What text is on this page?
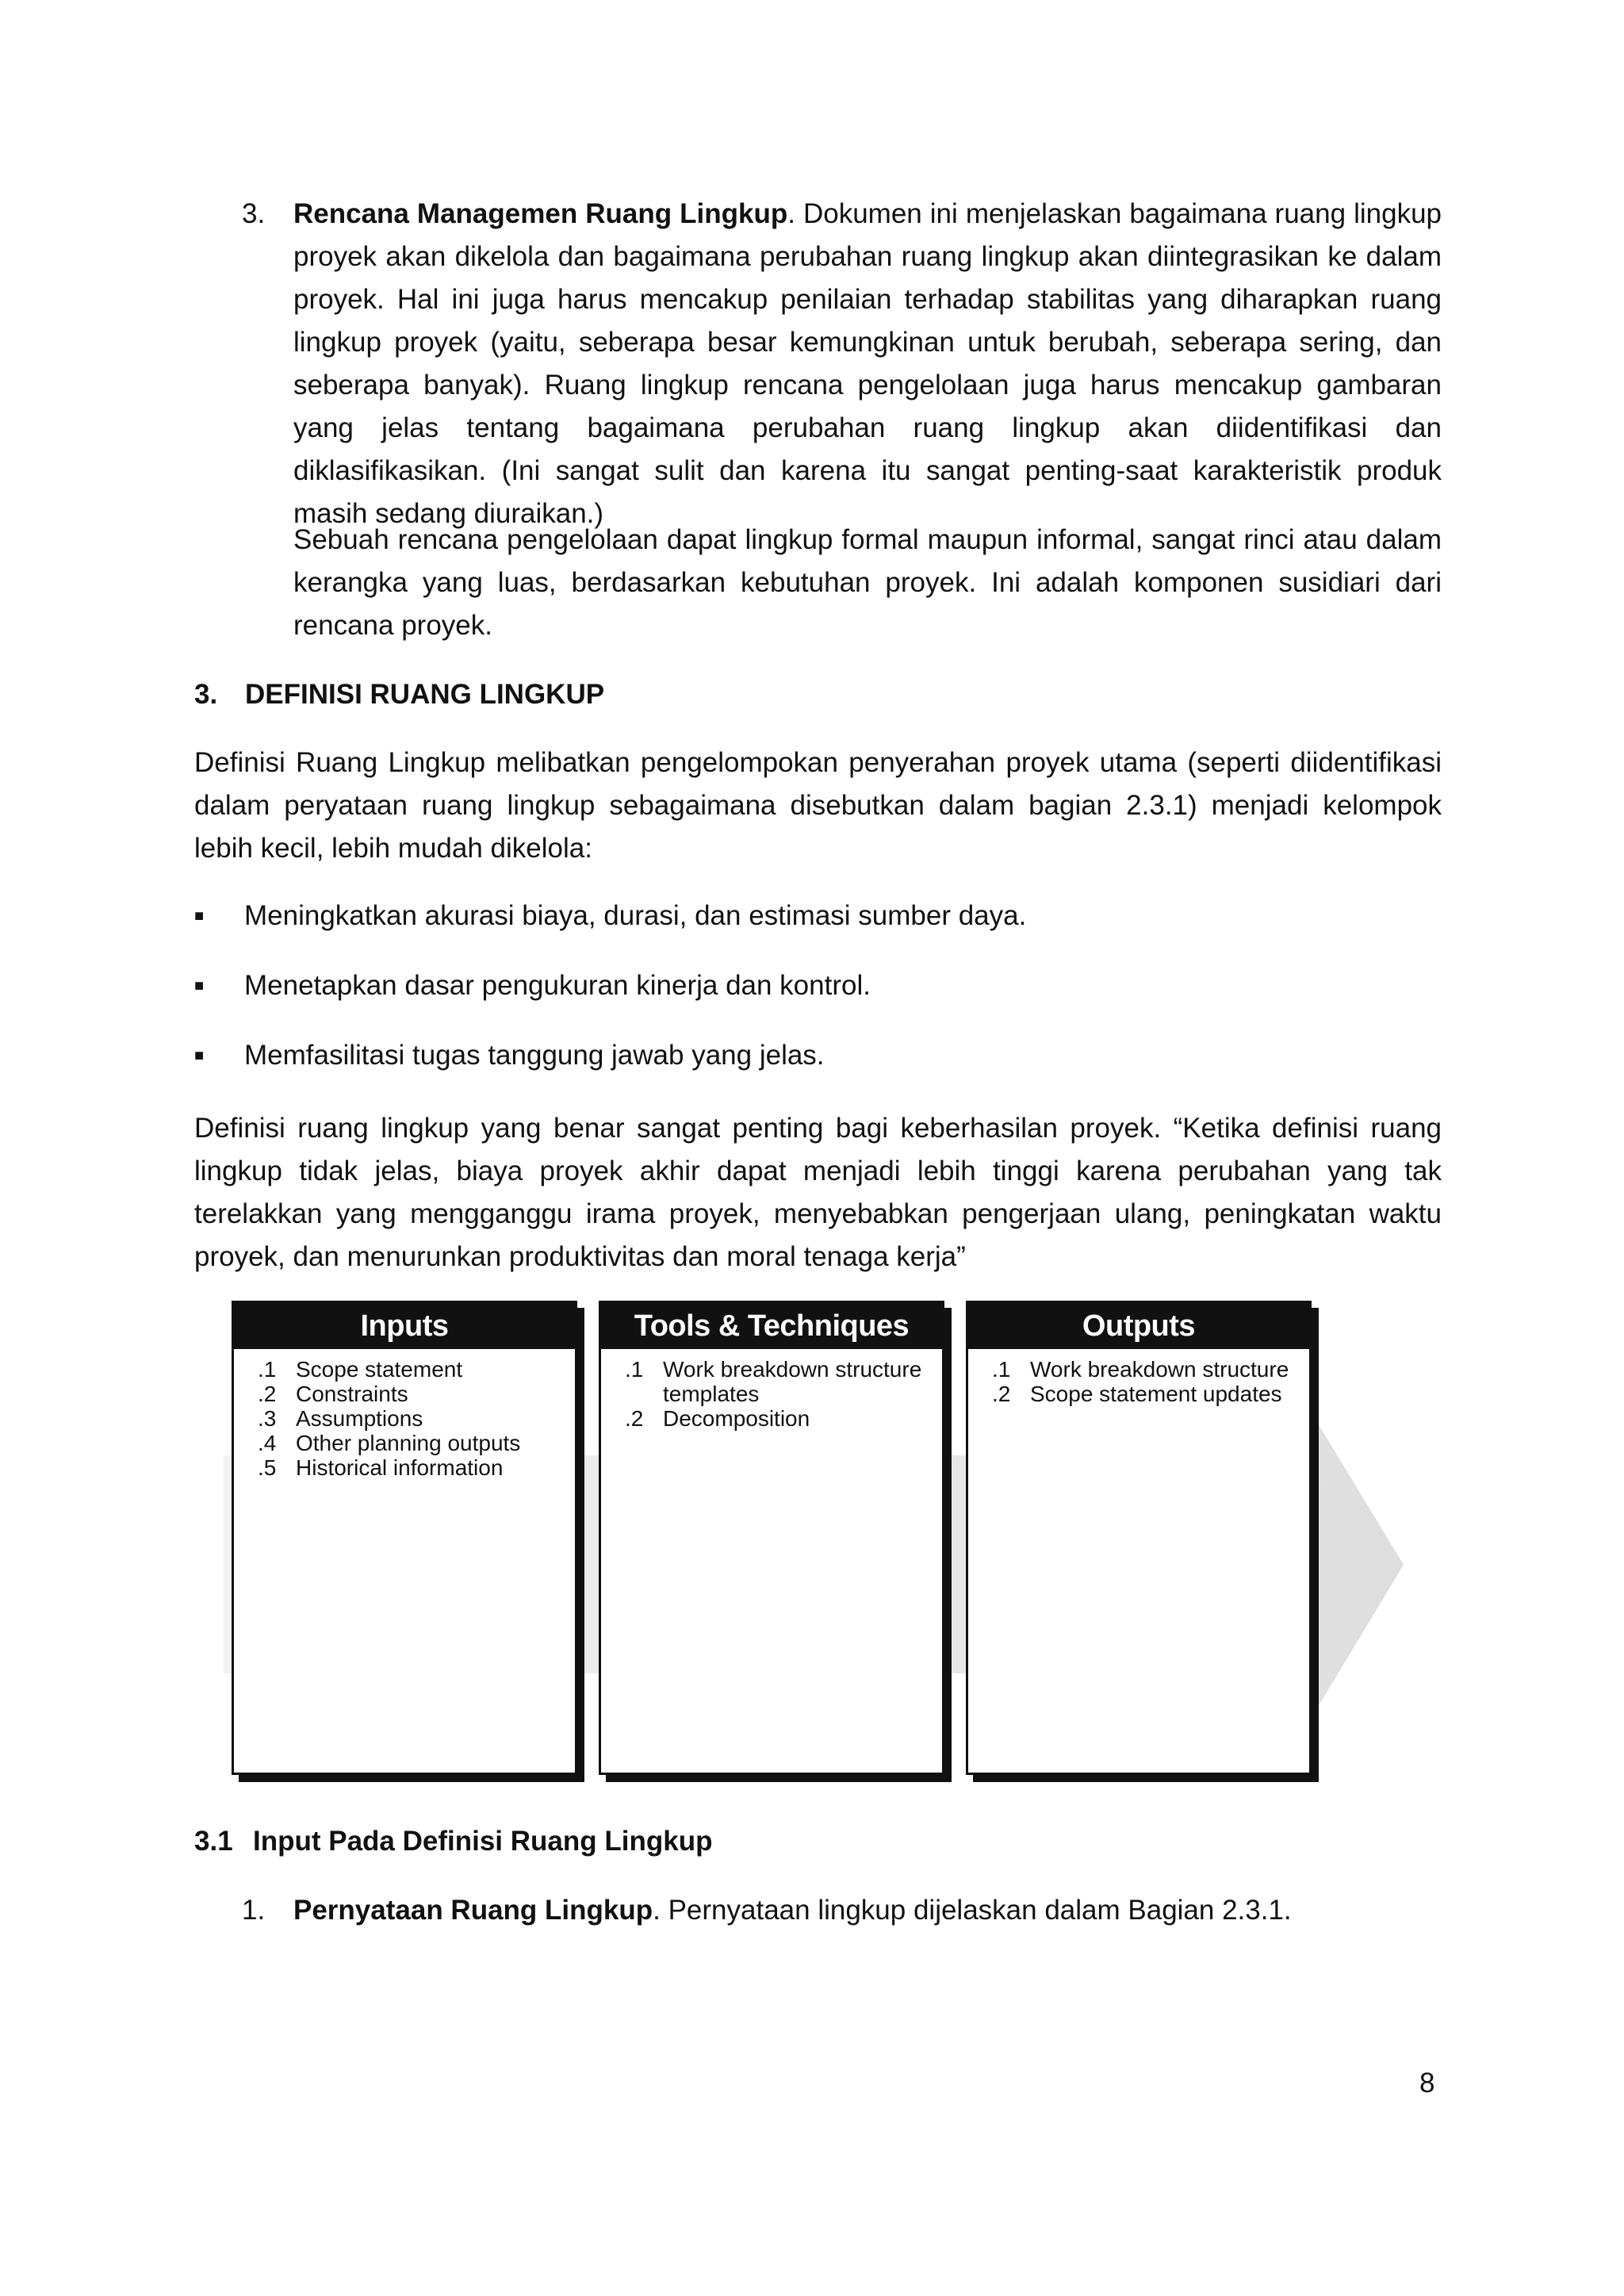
3. Rencana Managemen Ruang Lingkup. Dokumen ini menjelaskan bagaimana ruang lingkup proyek akan dikelola dan bagaimana perubahan ruang lingkup akan diintegrasikan ke dalam proyek. Hal ini juga harus mencakup penilaian terhadap stabilitas yang diharapkan ruang lingkup proyek (yaitu, seberapa besar kemungkinan untuk berubah, seberapa sering, dan seberapa banyak). Ruang lingkup rencana pengelolaan juga harus mencakup gambaran yang jelas tentang bagaimana perubahan ruang lingkup akan diidentifikasi dan diklasifikasikan. (Ini sangat sulit dan karena itu sangat penting-saat karakteristik produk masih sedang diuraikan.)
Sebuah rencana pengelolaan dapat lingkup formal maupun informal, sangat rinci atau dalam kerangka yang luas, berdasarkan kebutuhan proyek. Ini adalah komponen susidiari dari rencana proyek.
3. DEFINISI RUANG LINGKUP
Definisi Ruang Lingkup melibatkan pengelompokan penyerahan proyek utama (seperti diidentifikasi dalam peryataan ruang lingkup sebagaimana disebutkan dalam bagian 2.3.1) menjadi kelompok lebih kecil, lebih mudah dikelola:
■ Meningkatkan akurasi biaya, durasi, dan estimasi sumber daya.
■ Menetapkan dasar pengukuran kinerja dan kontrol.
■ Memfasilitasi tugas tanggung jawab yang jelas.
Definisi ruang lingkup yang benar sangat penting bagi keberhasilan proyek. “Ketika definisi ruang lingkup tidak jelas, biaya proyek akhir dapat menjadi lebih tinggi karena perubahan yang tak terelakkan yang mengganggu irama proyek, menyebabkan pengerjaan ulang, peningkatan waktu proyek, dan menurunkan produktivitas dan moral tenaga kerja”
Inputs
.1 Scope statement
.2 Constraints
.3 Assumptions
.4 Other planning outputs
.5 Historical information
Tools & Techniques
.1 Work breakdown structure templates
.2 Decomposition
Outputs
.1 Work breakdown structure
.2 Scope statement updates
3.1 Input Pada Definisi Ruang Lingkup
1. Pernyataan Ruang Lingkup. Pernyataan lingkup dijelaskan dalam Bagian 2.3.1.
8
